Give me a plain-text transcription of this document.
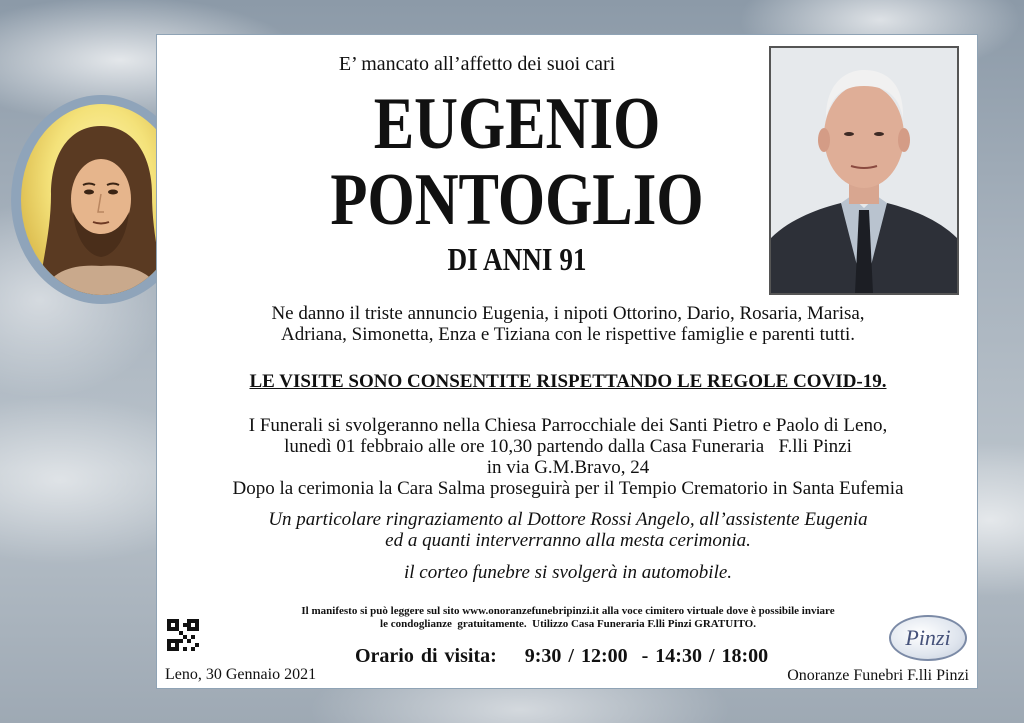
E’ mancato all’affetto dei suoi cari
EUGENIO
PONTOGLIO
DI ANNI 91
Ne danno il triste annuncio Eugenia, i nipoti Ottorino, Dario, Rosaria, Marisa,
Adriana, Simonetta, Enza e Tiziana con le rispettive famiglie e parenti tutti.
LE VISITE SONO CONSENTITE RISPETTANDO LE REGOLE COVID-19.
I Funerali si svolgeranno nella Chiesa Parrocchiale dei Santi Pietro e Paolo di Leno,
lunedì 01 febbraio alle ore 10,30 partendo dalla Casa Funeraria   F.lli Pinzi
in via G.M.Bravo, 24
Dopo la cerimonia la Cara Salma proseguirà per il Tempio Crematorio in Santa Eufemia
Un particolare ringraziamento al Dottore Rossi Angelo, all’assistente Eugenia
ed a quanti interverranno alla mesta cerimonia.
il corteo funebre si svolgerà in automobile.
Il manifesto si può leggere sul sito www.onoranzefunebripinzi.it alla voce cimitero virtuale dove è possibile inviare
le condoglianze  gratuitamente.  Utilizzo Casa Funeraria F.lli Pinzi GRATUITO.
Orario di visita: 9:30 / 12:00  - 14:30 / 18:00
Pinzi
Leno, 30 Gennaio 2021	Onoranze Funebri F.lli Pinzi
